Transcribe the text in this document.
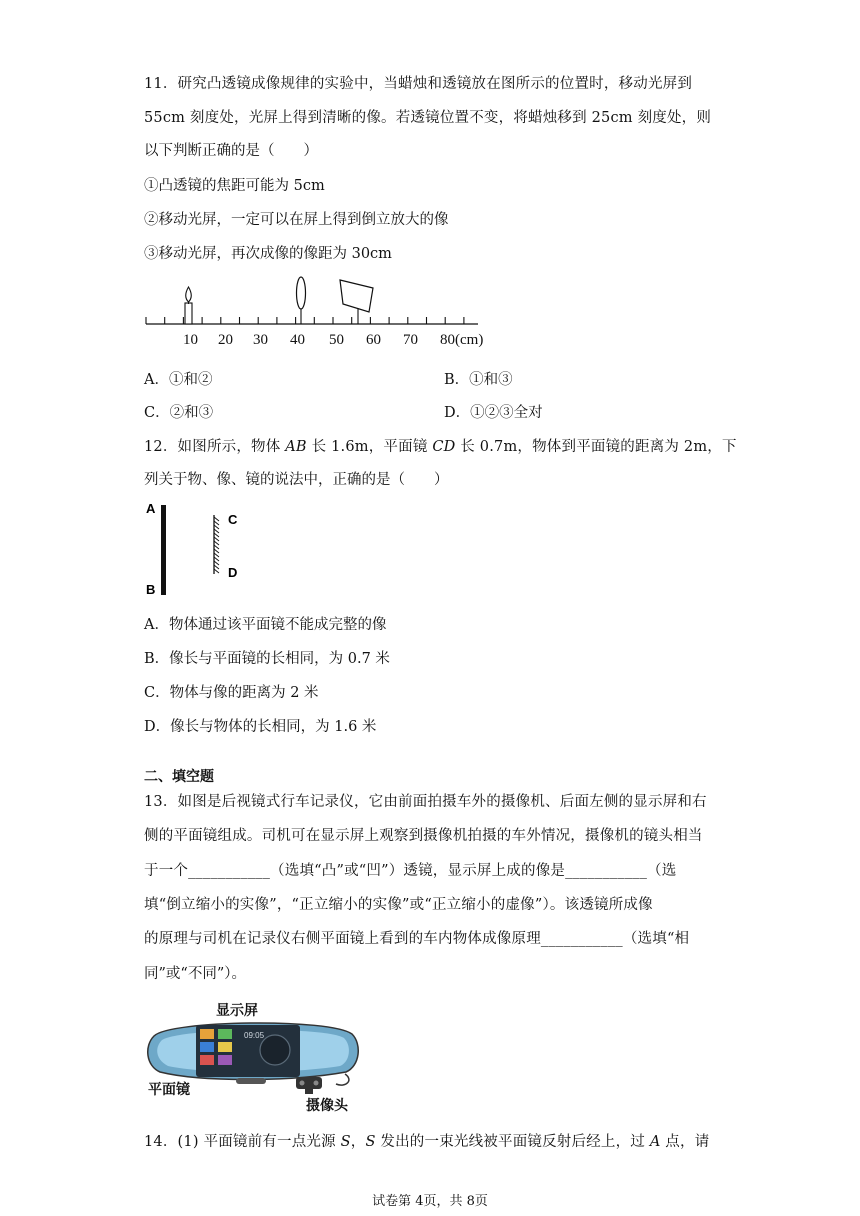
11．研究凸透镜成像规律的实验中，当蜡烛和透镜放在图所示的位置时，移动光屏到
55cm 刻度处，光屏上得到清晰的像。若透镜位置不变，将蜡烛移到 25cm 刻度处，则
以下判断正确的是（　　）
①凸透镜的焦距可能为 5cm
②移动光屏，一定可以在屏上得到倒立放大的像
③移动光屏，再次成像的像距为 30cm
10 20 30 40 50 60 70 80(cm)
A．①和②	B．①和③
C．②和③	D．①②③全对
12．如图所示，物体 AB 长 1.6m，平面镜 CD 长 0.7m，物体到平面镜的距离为 2m，下
列关于物、像、镜的说法中，正确的是（　　）
A
B
C
D
A．物体通过该平面镜不能成完整的像
B．像长与平面镜的长相同，为 0.7 米
C．物体与像的距离为 2 米
D．像长与物体的长相同，为 1.6 米
二、填空题
13．如图是后视镜式行车记录仪，它由前面拍摄车外的摄像机、后面左侧的显示屏和右
侧的平面镜组成。司机可在显示屏上观察到摄像机拍摄的车外情况，摄像机的镜头相当
于一个___________（选填“凸”或“凹”）透镜，显示屏上成的像是___________（选
填“倒立缩小的实像”，“正立缩小的实像”或“正立缩小的虚像”）。该透镜所成像
的原理与司机在记录仪右侧平面镜上看到的车内物体成像原理___________（选填“相
同”或“不同”）。
显示屏
09:05
平面镜
摄像头
14．(1) 平面镜前有一点光源 S，S 发出的一束光线被平面镜反射后经上，过 A 点，请
试卷第 4页，共 8页
